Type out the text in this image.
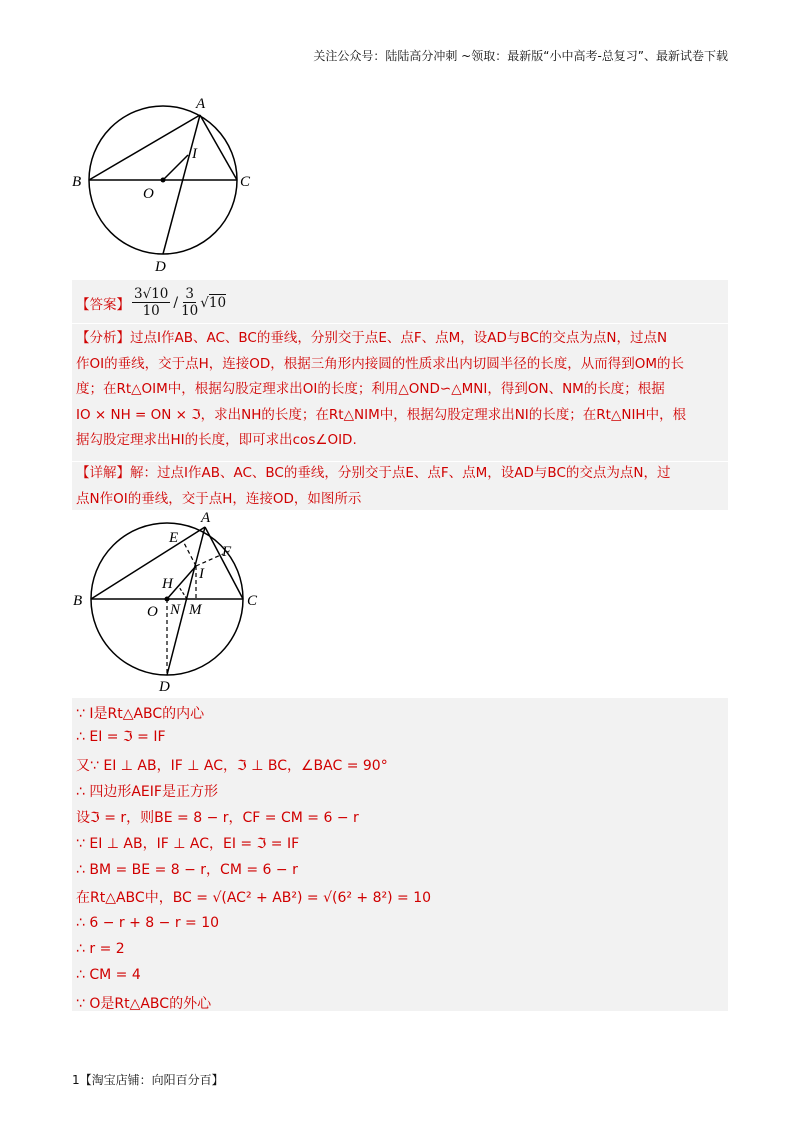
关注公众号：陆陆高分冲刺 ~领取：最新版“小中高考-总复习”、最新试卷下载
A
I
B	C
O
D
【答案】 $\frac{3√10}{10} / \frac{3}{10} √10$
【分析】过点I作AB、AC、BC的垂线，分别交于点E、点F、点M，设AD与BC的交点为点N，过点N
作OI的垂线，交于点H，连接OD，根据三角形内接圆的性质求出内切圆半径的长度，从而得到OM的长
度；在Rt△OIM中，根据勾股定理求出OI的长度；利用△OND∽△MNI，得到ON、NM的长度；根据
IO × NH = ON × ℑ，求出NH的长度；在Rt△NIM中，根据勾股定理求出NI的长度；在Rt△NIH中，根
据勾股定理求出HI的长度，即可求出cos∠OID.
【详解】解：过点I作AB、AC、BC的垂线，分别交于点E、点F、点M，设AD与BC的交点为点N，过
点N作OI的垂线，交于点H，连接OD，如图所示
A
E
F
I
H
B	C
O N M
D
∵ I是Rt△ABC的内心
∴ EI = ℑ = IF
又∵ EI ⊥ AB，IF ⊥ AC，ℑ ⊥ BC，∠BAC = 90°
∴ 四边形AEIF是正方形
设ℑ = r，则BE = 8 − r，CF = CM = 6 − r
∵ EI ⊥ AB，IF ⊥ AC，EI = ℑ = IF
∴ BM = BE = 8 − r，CM = 6 − r
在Rt△ABC中，BC = √(AC² + AB²) = √(6² + 8²) = 10
∴ 6 − r + 8 − r = 10
∴ r = 2
∴ CM = 4
∵ O是Rt△ABC的外心
1【淘宝店铺：向阳百分百】
